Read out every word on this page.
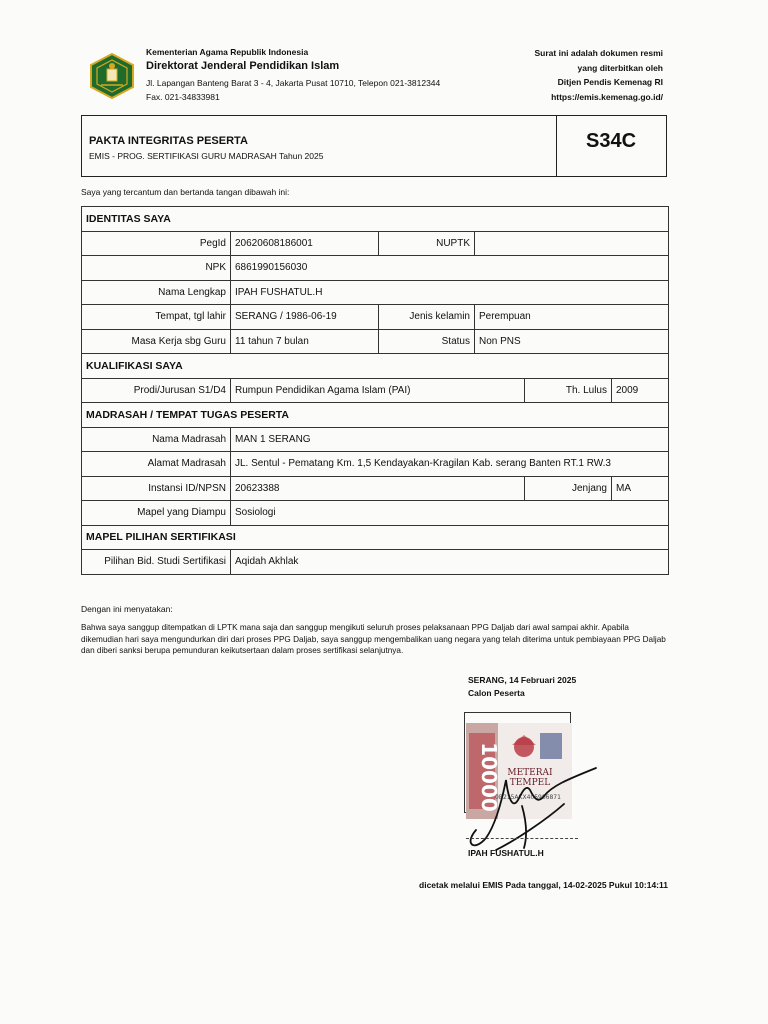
Kementerian Agama Republik Indonesia
Direktorat Jenderal Pendidikan Islam
Jl. Lapangan Banteng Barat 3 - 4, Jakarta Pusat 10710, Telepon 021-3812344
Fax. 021-34833981
Surat ini adalah dokumen resmi
yang diterbitkan oleh
Ditjen Pendis Kemenag RI
https://emis.kemenag.go.id/
PAKTA INTEGRITAS PESERTA
EMIS - PROG. SERTIFIKASI GURU MADRASAH Tahun 2025
S34C
Saya yang tercantum dan bertanda tangan dibawah ini:
IDENTITAS SAYA					
PegId	20620608186001	NUPTK			
NPK	6861990156030				
Nama Lengkap	IPAH FUSHATUL.H				
Tempat, tgl lahir	SERANG / 1986-06-19	Jenis kelamin	Perempuan		
Masa Kerja sbg Guru	11 tahun 7 bulan	Status	Non PNS		
KUALIFIKASI SAYA					
Prodi/Jurusan S1/D4	Rumpun Pendidikan Agama Islam (PAI)			Th. Lulus	2009
MADRASAH / TEMPAT TUGAS PESERTA					
Nama Madrasah	MAN 1 SERANG				
Alamat Madrasah	JL. Sentul - Pematang Km. 1,5 Kendayakan-Kragilan Kab. serang Banten RT.1 RW.3				
Instansi ID/NPSN	20623388			Jenjang	MA
Mapel yang Diampu	Sosiologi				
MAPEL PILIHAN SERTIFIKASI					
Pilihan Bid. Studi Sertifikasi	Aqidah Akhlak				
Dengan ini menyatakan:
Bahwa saya sanggup ditempatkan di LPTK mana saja dan sanggup mengikuti seluruh proses pelaksanaan PPG Daljab dari awal sampai akhir. Apabila dikemudian hari saya mengundurkan diri dari proses PPG Daljab, saya sanggup mengembalikan uang negara yang telah diterima untuk pembiayaan PPG Daljab dan diberi sanksi berupa pemunduran keikutsertaan dalam proses sertifikasi selanjutnya.
SERANG, 14 Februari 2025
Calon Peserta
10000 METERAI
TEMPEL
0B215AKX405906871
IPAH FUSHATUL.H
dicetak melalui EMIS Pada tanggal, 14-02-2025 Pukul 10:14:11
